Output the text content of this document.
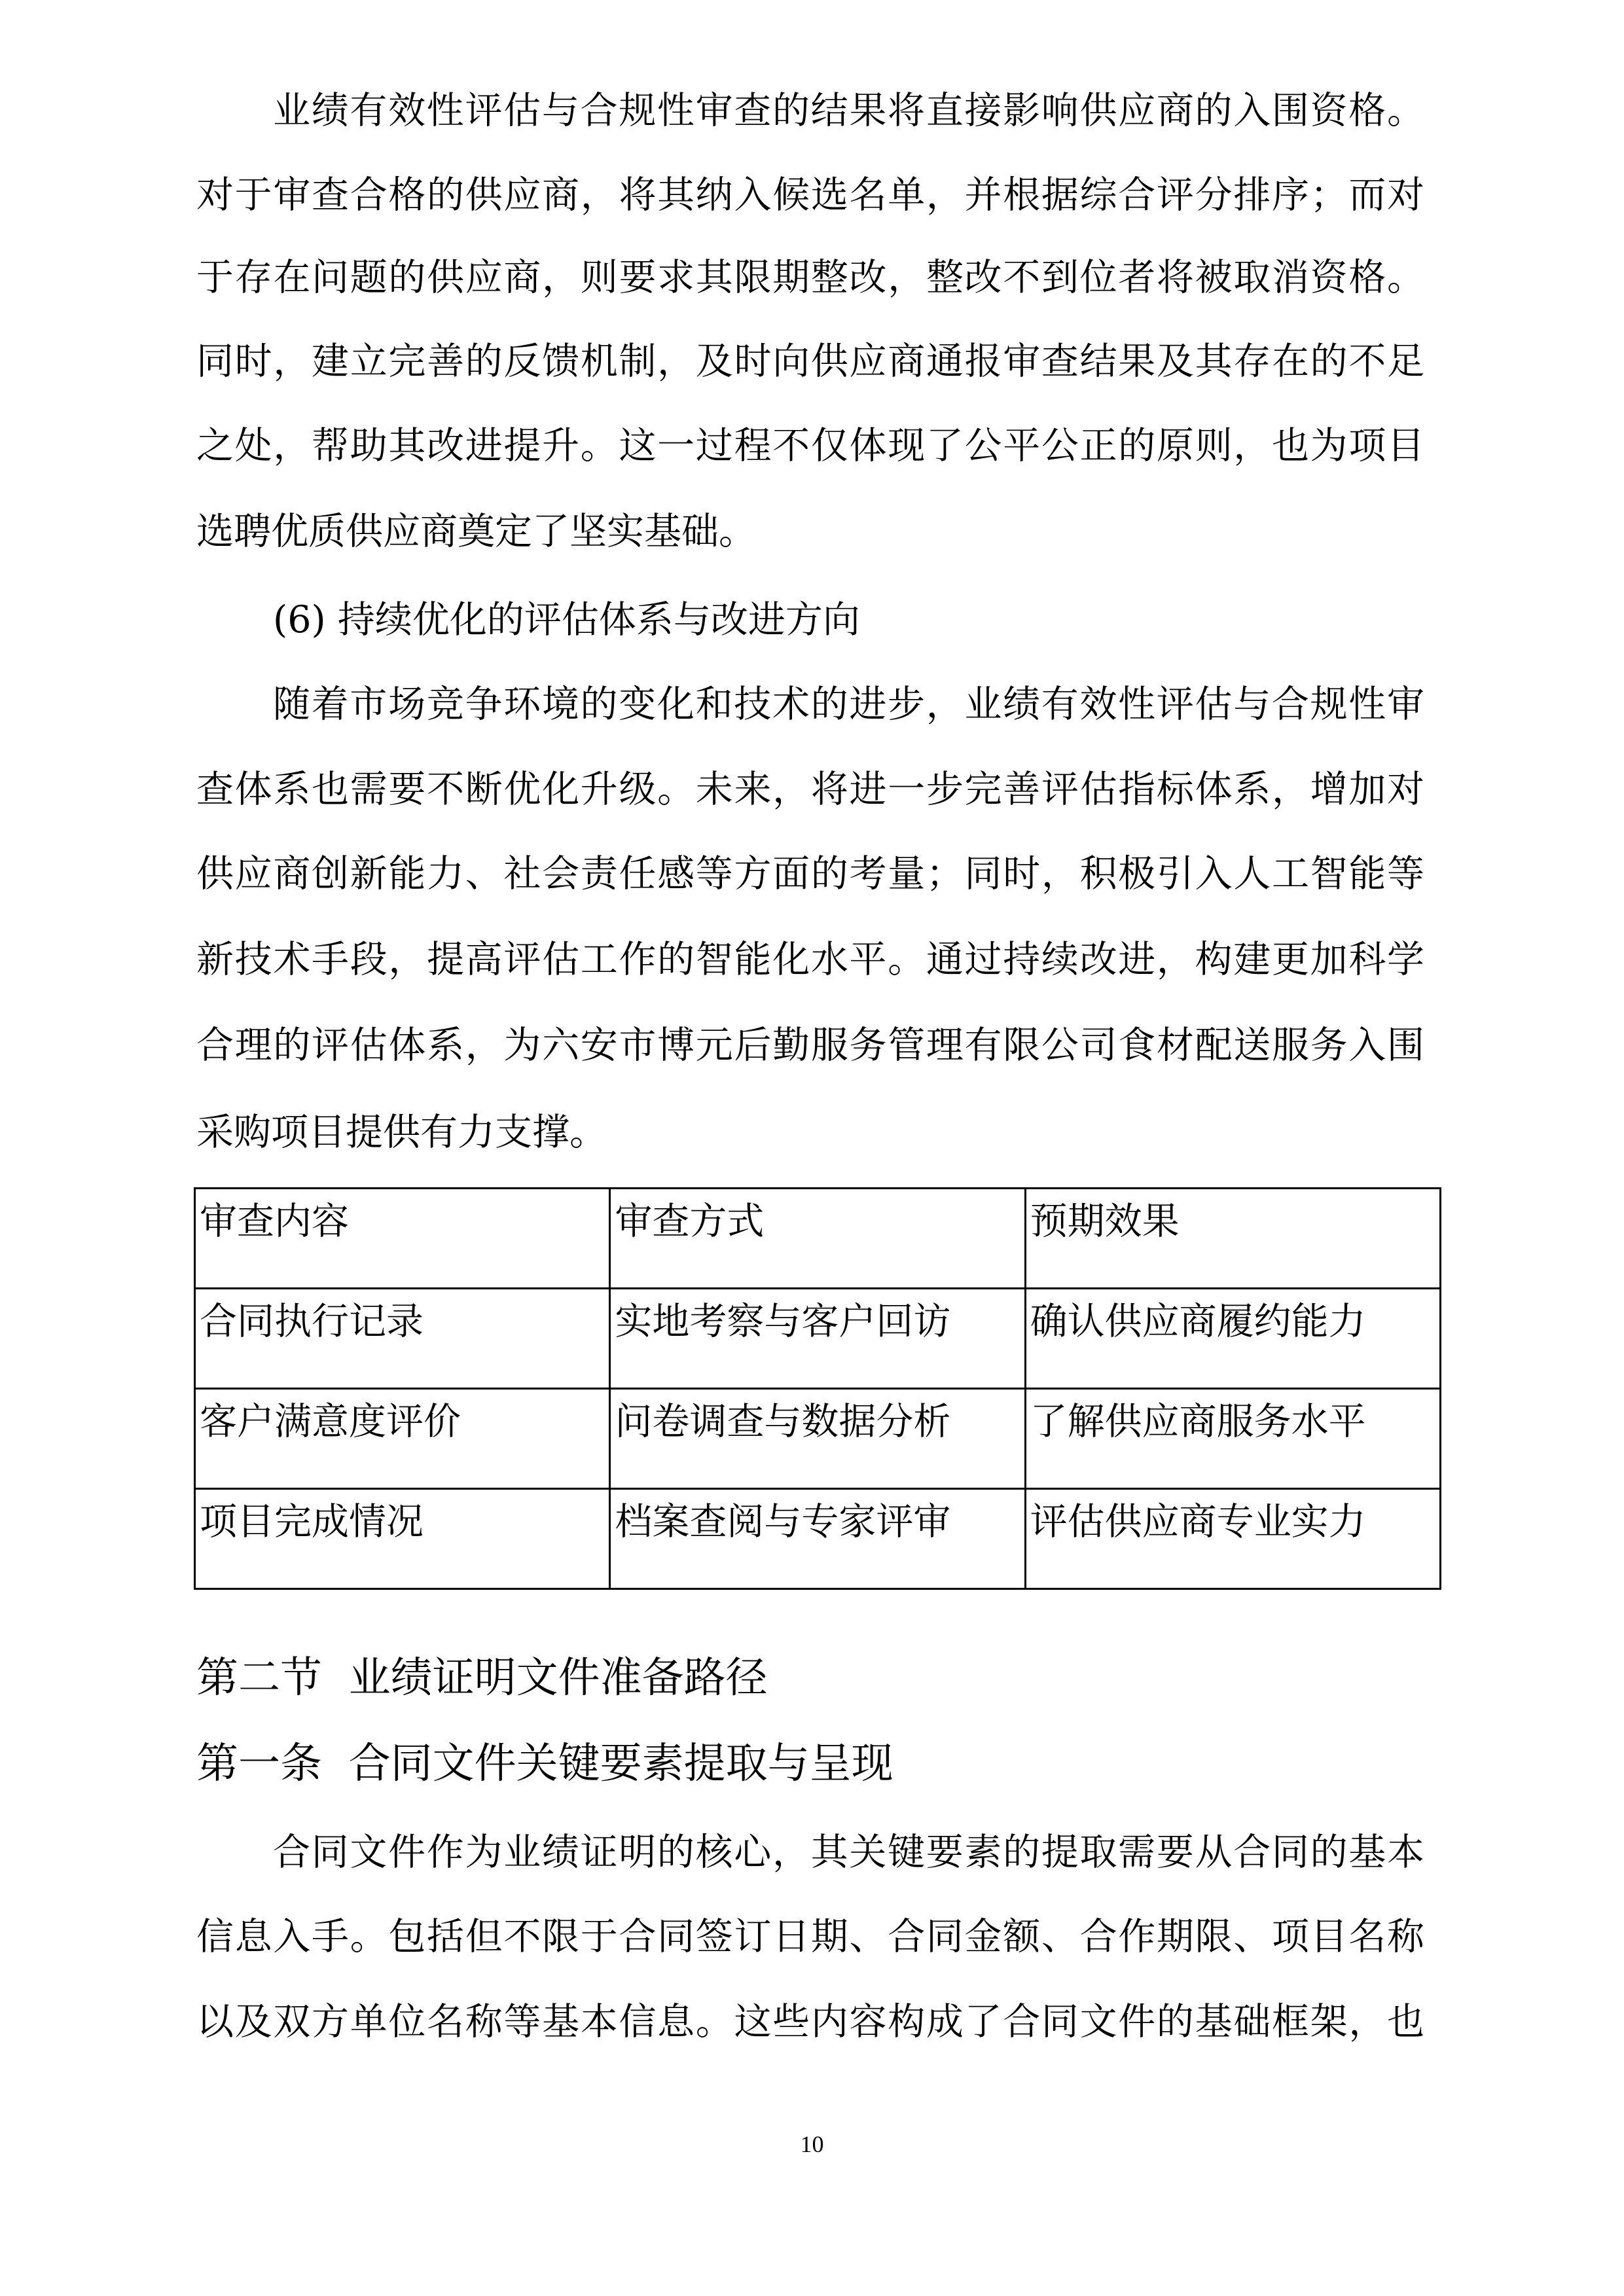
业绩有效性评估与合规性审查的结果将直接影响供应商的入围资格。
对于审查合格的供应商，将其纳入候选名单，并根据综合评分排序；而对
于存在问题的供应商，则要求其限期整改，整改不到位者将被取消资格。
同时，建立完善的反馈机制，及时向供应商通报审查结果及其存在的不足
之处，帮助其改进提升。这一过程不仅体现了公平公正的原则，也为项目
选聘优质供应商奠定了坚实基础。
(6) 持续优化的评估体系与改进方向
随着市场竞争环境的变化和技术的进步，业绩有效性评估与合规性审
查体系也需要不断优化升级。未来，将进一步完善评估指标体系，增加对
供应商创新能力、社会责任感等方面的考量；同时，积极引入人工智能等
新技术手段，提高评估工作的智能化水平。通过持续改进，构建更加科学
合理的评估体系，为六安市博元后勤服务管理有限公司食材配送服务入围
采购项目提供有力支撑。
审查内容	审查方式	预期效果
合同执行记录	实地考察与客户回访	确认供应商履约能力
客户满意度评价	问卷调查与数据分析	了解供应商服务水平
项目完成情况	档案查阅与专家评审	评估供应商专业实力
第二节  业绩证明文件准备路径
第一条  合同文件关键要素提取与呈现
合同文件作为业绩证明的核心，其关键要素的提取需要从合同的基本
信息入手。包括但不限于合同签订日期、合同金额、合作期限、项目名称
以及双方单位名称等基本信息。这些内容构成了合同文件的基础框架，也
10
